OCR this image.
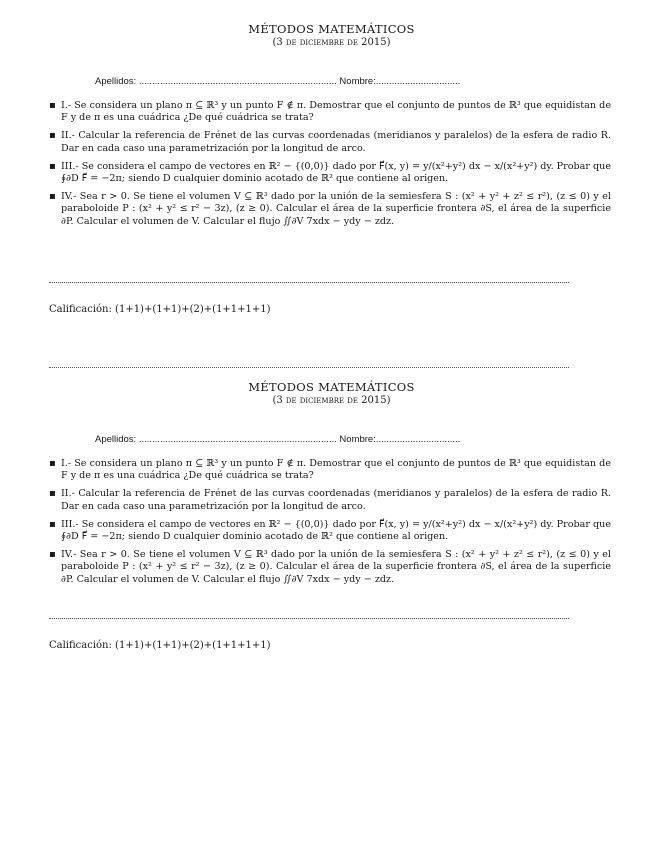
MÉTODOS MATEMÁTICOS
(3 de diciembre de 2015)
Apellidos: ........................................................................... Nombre:................................
▪ I.- Se considera un plano π ⊆ ℝ³ y un punto F ∉ π. Demostrar que el conjunto de puntos de ℝ³ que equidistan de F y de π es una cuádrica ¿De qué cuádrica se trata?
▪ II.- Calcular la referencia de Frénet de las curvas coordenadas (meridianos y paralelos) de la esfera de radio R. Dar en cada caso una parametrización por la longitud de arco.
▪ III.- Se considera el campo de vectores en ℝ² − {(0,0)} dado por F⃗(x, y) = y/(x²+y²) dx − x/(x²+y²) dy. Probar que ∮∂D F⃗ = −2π; siendo D cualquier dominio acotado de ℝ² que contiene al origen.
▪ IV.- Sea r > 0. Se tiene el volumen V ⊆ ℝ³ dado por la unión de la semiesfera S : (x² + y² + z² ≤ r²), (z ≤ 0) y el paraboloide P : (x² + y² ≤ r² − 3z), (z ≥ 0). Calcular el área de la superficie frontera ∂S, el área de la superficie ∂P. Calcular el volumen de V. Calcular el flujo ∬∂V 7xdx − ydy − zdz.
Calificación: (1+1)+(1+1)+(2)+(1+1+1+1)
MÉTODOS MATEMÁTICOS
(3 de diciembre de 2015)
Apellidos: ........................................................................... Nombre:................................
▪ I.- Se considera un plano π ⊆ ℝ³ y un punto F ∉ π. Demostrar que el conjunto de puntos de ℝ³ que equidistan de F y de π es una cuádrica ¿De qué cuádrica se trata?
▪ II.- Calcular la referencia de Frénet de las curvas coordenadas (meridianos y paralelos) de la esfera de radio R. Dar en cada caso una parametrización por la longitud de arco.
▪ III.- Se considera el campo de vectores en ℝ² − {(0,0)} dado por F⃗(x, y) = y/(x²+y²) dx − x/(x²+y²) dy. Probar que ∮∂D F⃗ = −2π; siendo D cualquier dominio acotado de ℝ² que contiene al origen.
▪ IV.- Sea r > 0. Se tiene el volumen V ⊆ ℝ³ dado por la unión de la semiesfera S : (x² + y² + z² ≤ r²), (z ≤ 0) y el paraboloide P : (x² + y² ≤ r² − 3z), (z ≥ 0). Calcular el área de la superficie frontera ∂S, el área de la superficie ∂P. Calcular el volumen de V. Calcular el flujo ∬∂V 7xdx − ydy − zdz.
Calificación: (1+1)+(1+1)+(2)+(1+1+1+1)
